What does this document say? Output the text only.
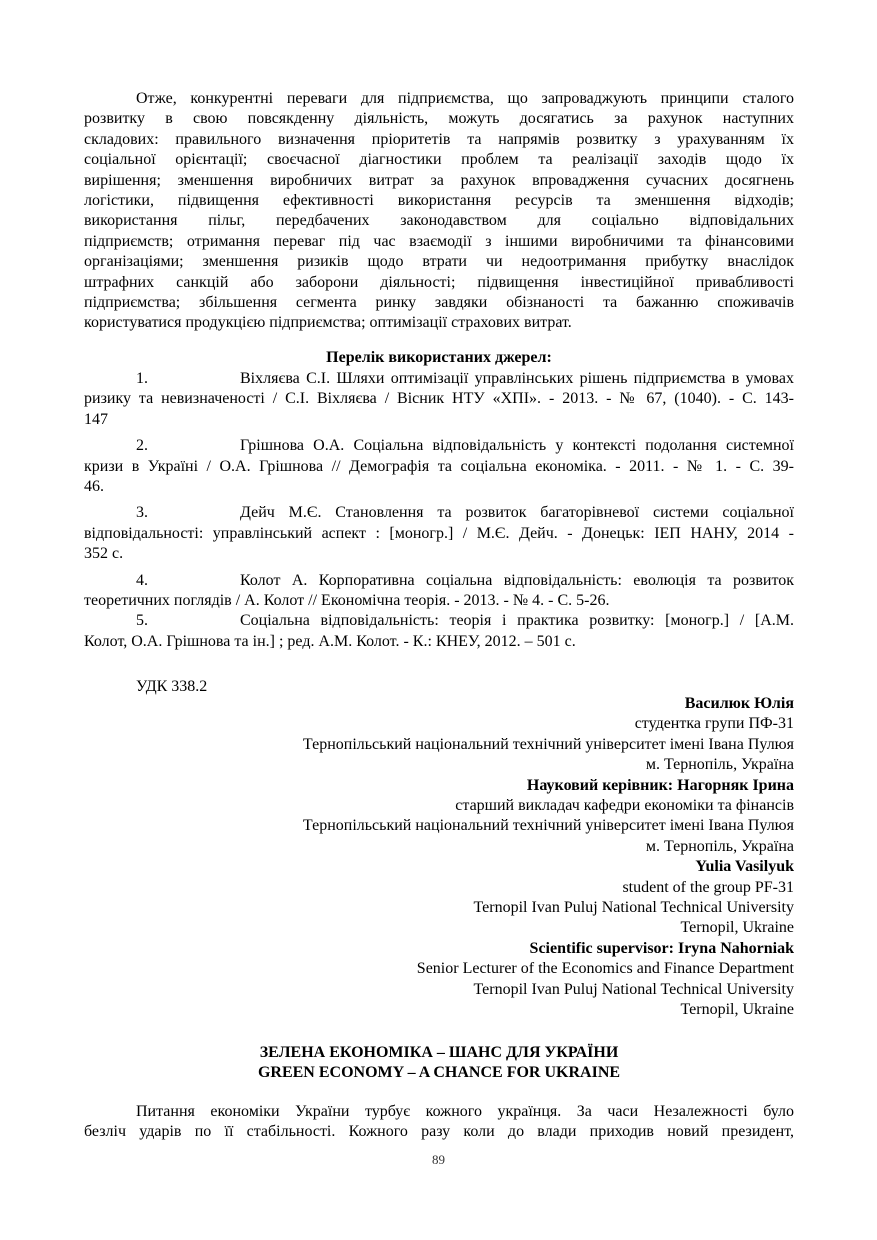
Отже, конкурентні переваги для підприємства, що запроваджують принципи сталого
розвитку в свою повсякденну діяльність, можуть досягатись за рахунок наступних
складових: правильного визначення пріоритетів та напрямів розвитку з урахуванням їх
соціальної орієнтації; своєчасної діагностики проблем та реалізації заходів щодо їх
вирішення; зменшення виробничих витрат за рахунок впровадження сучасних досягнень
логістики, підвищення ефективності використання ресурсів та зменшення відходів;
використання пільг, передбачених законодавством для соціально відповідальних
підприємств; отримання переваг під час взаємодії з іншими виробничими та фінансовими
організаціями; зменшення ризиків щодо втрати чи недоотримання прибутку внаслідок
штрафних санкцій або заборони діяльності; підвищення інвестиційної привабливості
підприємства; збільшення сегмента ринку завдяки обізнаності та бажанню споживачів
користуватися продукцією підприємства; оптимізації страхових витрат.
Перелік використаних джерел:
1.	Віхляєва С.І. Шляхи оптимізації управлінських рішень підприємства в умовах
ризику та невизначеності / С.І. Віхляєва / Вісник НТУ «ХПІ». - 2013. - № 67, (1040). - С. 143-
147
2.	Грішнова О.А. Соціальна відповідальність у контексті подолання системної
кризи в Україні / О.А. Грішнова // Демографія та соціальна економіка. - 2011. - № 1. - С. 39-
46.
3.	Дейч М.Є. Становлення та розвиток багаторівневої системи соціальної
відповідальності: управлінський аспект : [моногр.] / М.Є. Дейч. - Донецьк: ІЕП НАНУ, 2014 -
352 с.
4.	Колот А. Корпоративна соціальна відповідальність: еволюція та розвиток
теоретичних поглядів / А. Колот // Економічна теорія. - 2013. - № 4. - С. 5-26.
5.	Соціальна відповідальність: теорія і практика розвитку: [моногр.] / [А.М.
Колот, О.А. Грішнова та ін.] ; ред. А.М. Колот. - К.: КНЕУ, 2012. – 501 с.
УДК 338.2
Василюк Юлія
студентка групи ПФ-31
Тернопільський національний технічний університет імені Івана Пулюя
м. Тернопіль, Україна
Науковий керівник: Нагорняк Ірина
старший викладач кафедри економіки та фінансів
Тернопільський національний технічний університет імені Івана Пулюя
м. Тернопіль, Україна
Yulia Vasilyuk
student of the group PF-31
Ternopil Ivan Puluj National Technical University
Ternopil, Ukraine
Scientific supervisor: Iryna Nahorniak
Senior Lecturer of the Economics and Finance Department
Ternopil Ivan Puluj National Technical University
Ternopil, Ukraine
ЗЕЛЕНА ЕКОНОМІКА – ШАНС ДЛЯ УКРАЇНИ
GREEN ECONOMY – A CHANCE FOR UKRAINE
Питання економіки України турбує кожного українця. За часи Незалежності було
безліч ударів по її стабільності. Кожного разу коли до влади приходив новий президент,
89
